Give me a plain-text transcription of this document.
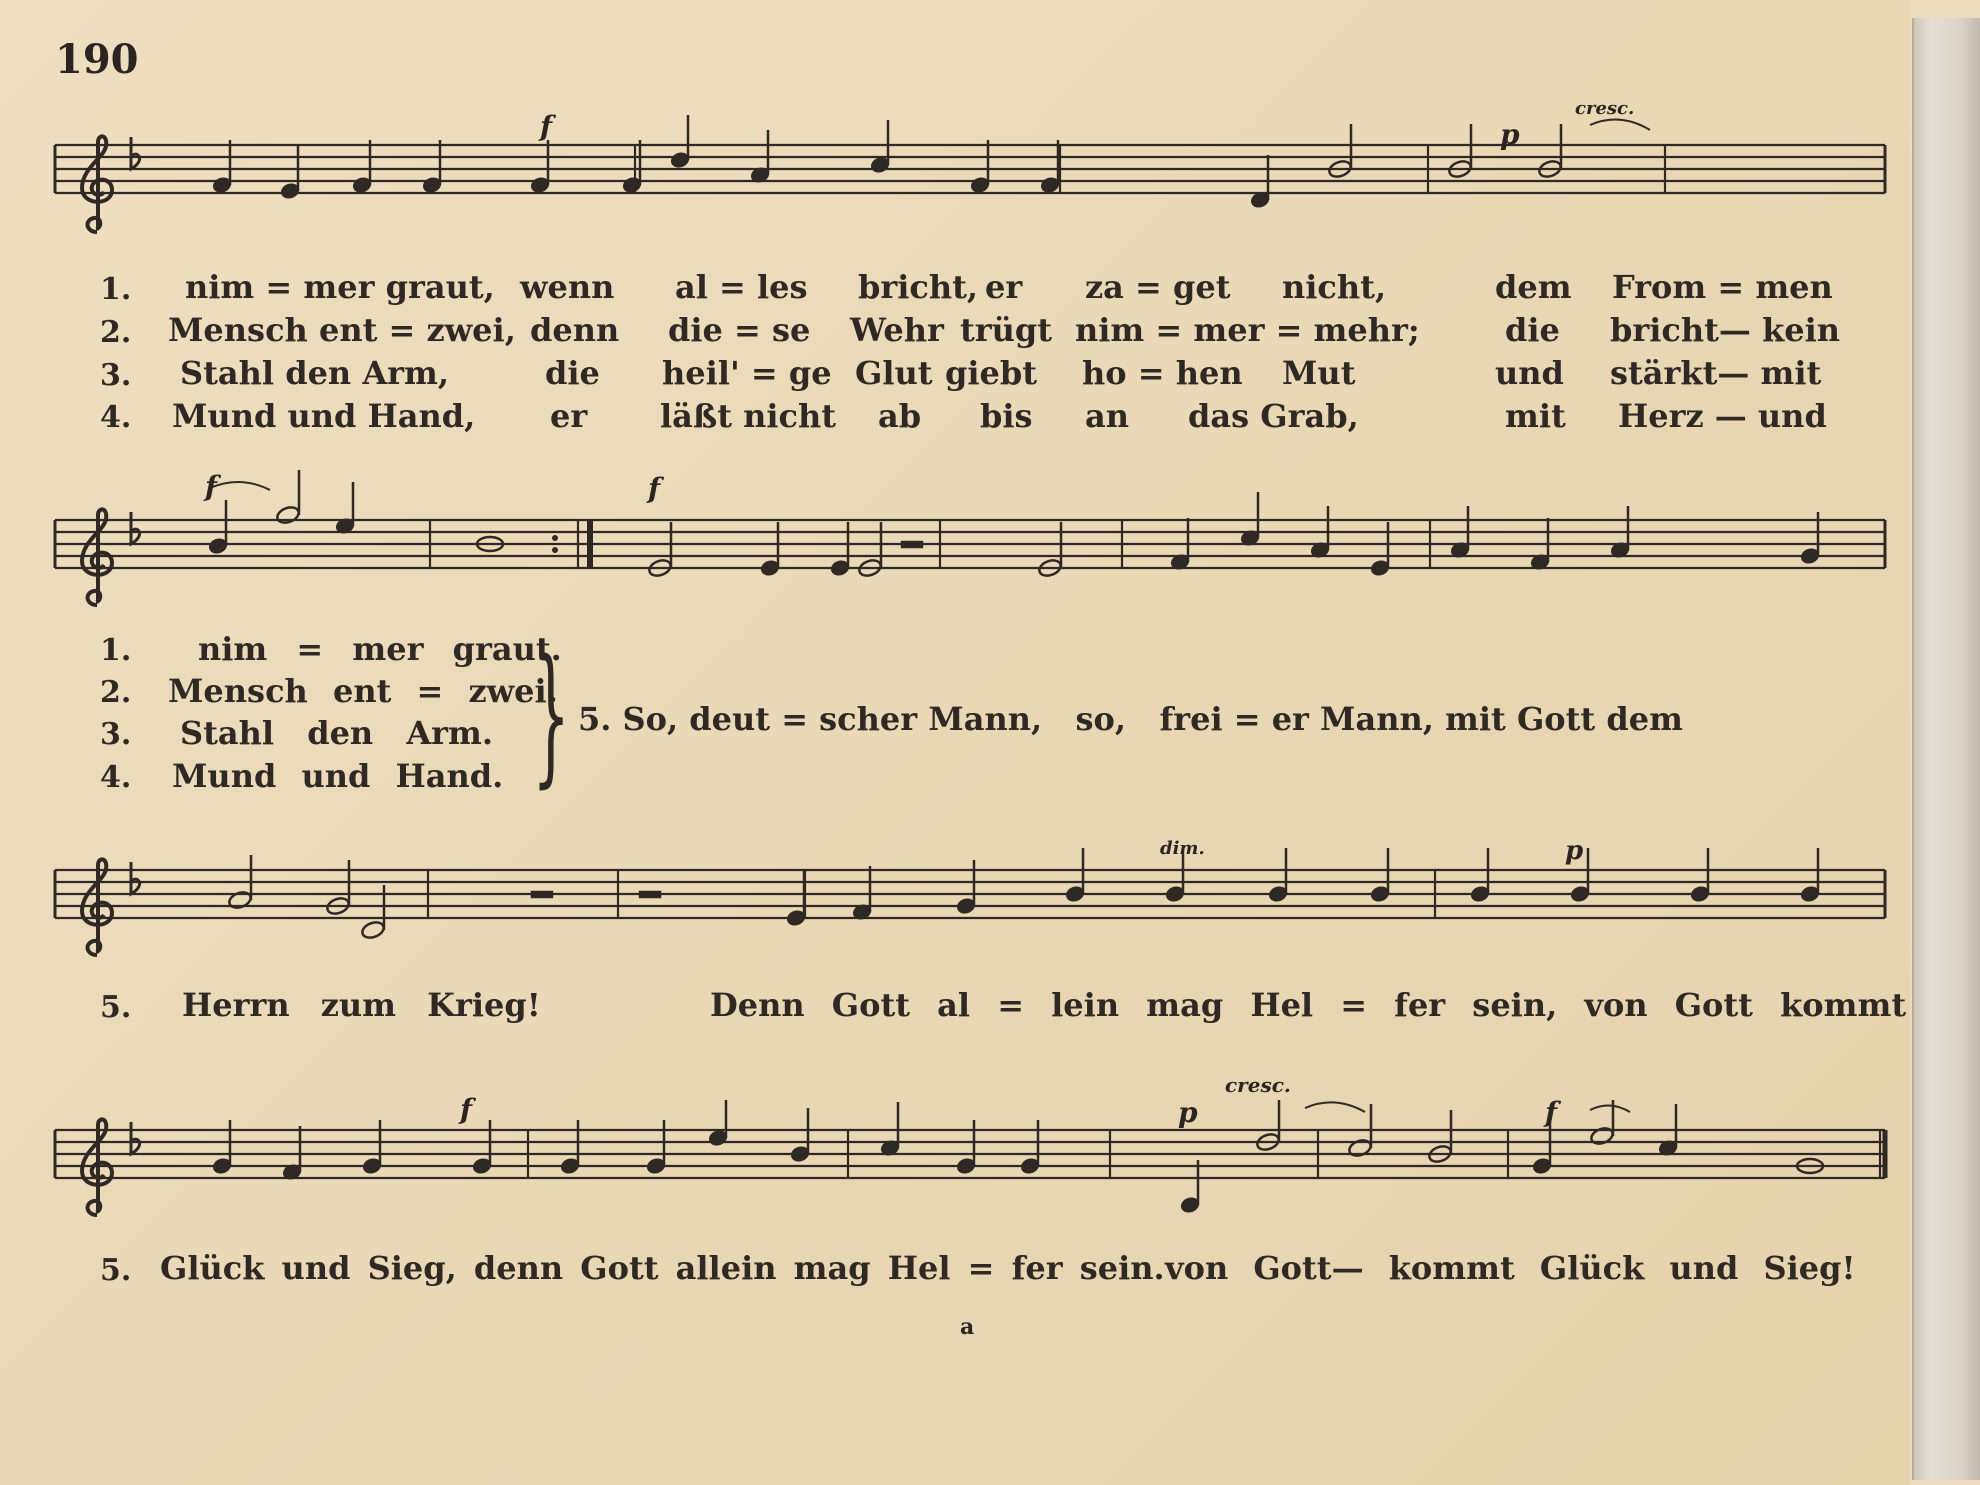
190
f	p
cresc.
1.
2.
3.
4.
nim = mer graut, wenn al = les bricht, er za = get nicht,	dem From = men
Mensch ent = zwei, denn die = se Wehr trügt nim = mer = mehr;	die bricht— kein
Stahl den Arm,	die heil' = ge Glut giebt ho = hen Mut	und stärkt— mit
Mund und Hand, er läßt nicht ab bis an das Grab,	mit Herz — und
f	f
1.
2.
3.
4.
nim = mer graut.
Mensch ent = zwei.
Stahl den Arm.
Mund und Hand. } 5. So, deut = scher Mann,   so,   frei = er Mann, mit Gott dem
dim.	p
5. Herrn zum Krieg!	Denn Gott al = lein mag Hel = fer sein, von Gott kommt
f	p
cresc.
f
5. Glück und Sieg, denn Gott allein mag Hel = fer sein. von Gott— kommt Glück und Sieg!
a
